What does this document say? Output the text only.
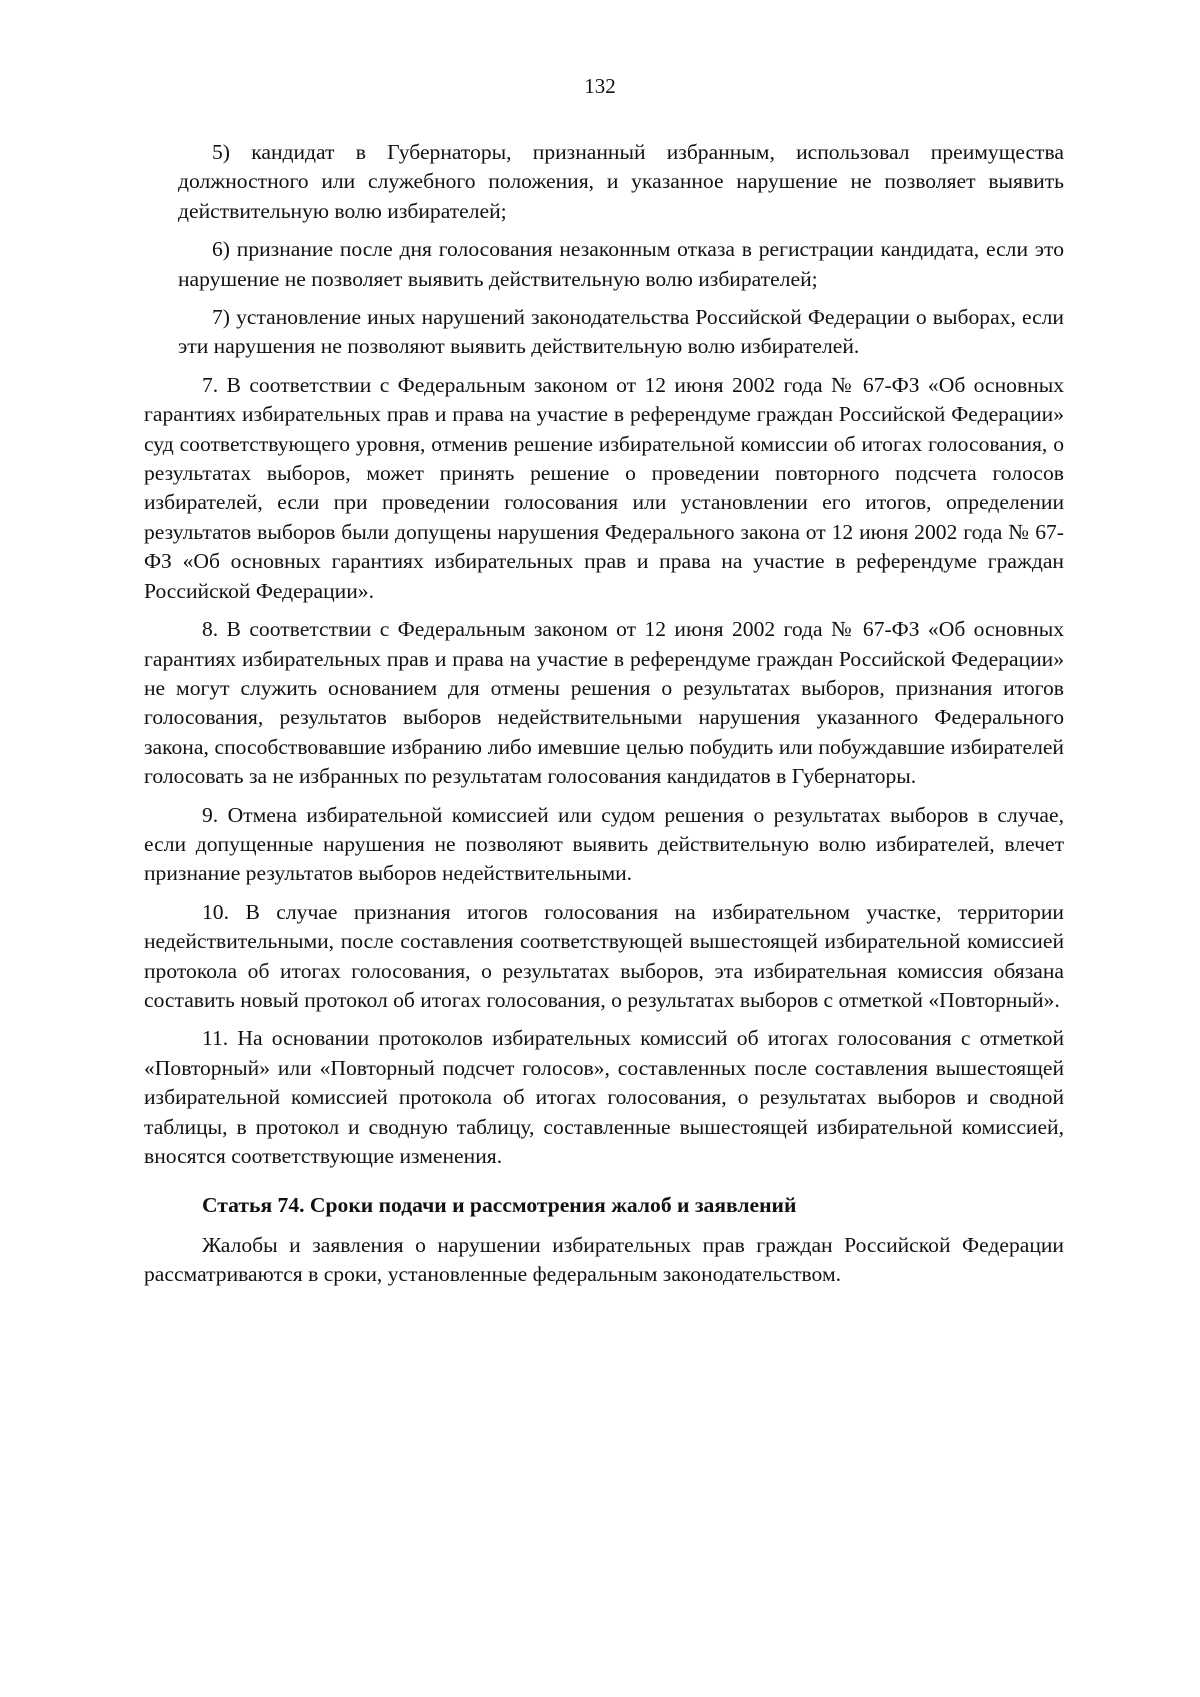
132

5) кандидат в Губернаторы, признанный избранным, использовал преимущества должностного или служебного положения, и указанное нарушение не позволяет выявить действительную волю избирателей;

6) признание после дня голосования незаконным отказа в регистрации кандидата, если это нарушение не позволяет выявить действительную волю избирателей;

7) установление иных нарушений законодательства Российской Федерации о выборах, если эти нарушения не позволяют выявить действительную волю избирателей.

7. В соответствии с Федеральным законом от 12 июня 2002 года № 67-ФЗ «Об основных гарантиях избирательных прав и права на участие в референдуме граждан Российской Федерации» суд соответствующего уровня, отменив решение избирательной комиссии об итогах голосования, о результатах выборов, может принять решение о проведении повторного подсчета голосов избирателей, если при проведении голосования или установлении его итогов, определении результатов выборов были допущены нарушения Федерального закона от 12 июня 2002 года № 67-ФЗ «Об основных гарантиях избирательных прав и права на участие в референдуме граждан Российской Федерации».

8. В соответствии с Федеральным законом от 12 июня 2002 года № 67-ФЗ «Об основных гарантиях избирательных прав и права на участие в референдуме граждан Российской Федерации» не могут служить основанием для отмены решения о результатах выборов, признания итогов голосования, результатов выборов недействительными нарушения указанного Федерального закона, способствовавшие избранию либо имевшие целью побудить или побуждавшие избирателей голосовать за не избранных по результатам голосования кандидатов в Губернаторы.

9. Отмена избирательной комиссией или судом решения о результатах выборов в случае, если допущенные нарушения не позволяют выявить действительную волю избирателей, влечет признание результатов выборов недействительными.

10. В случае признания итогов голосования на избирательном участке, территории недействительными, после составления соответствующей вышестоящей избирательной комиссией протокола об итогах голосования, о результатах выборов, эта избирательная комиссия обязана составить новый протокол об итогах голосования, о результатах выборов с отметкой «Повторный».

11. На основании протоколов избирательных комиссий об итогах голосования с отметкой «Повторный» или «Повторный подсчет голосов», составленных после составления вышестоящей избирательной комиссией протокола об итогах голосования, о результатах выборов и сводной таблицы, в протокол и сводную таблицу, составленные вышестоящей избирательной комиссией, вносятся соответствующие изменения.

Статья 74. Сроки подачи и рассмотрения жалоб и заявлений

Жалобы и заявления о нарушении избирательных прав граждан Российской Федерации рассматриваются в сроки, установленные федеральным законодательством.
